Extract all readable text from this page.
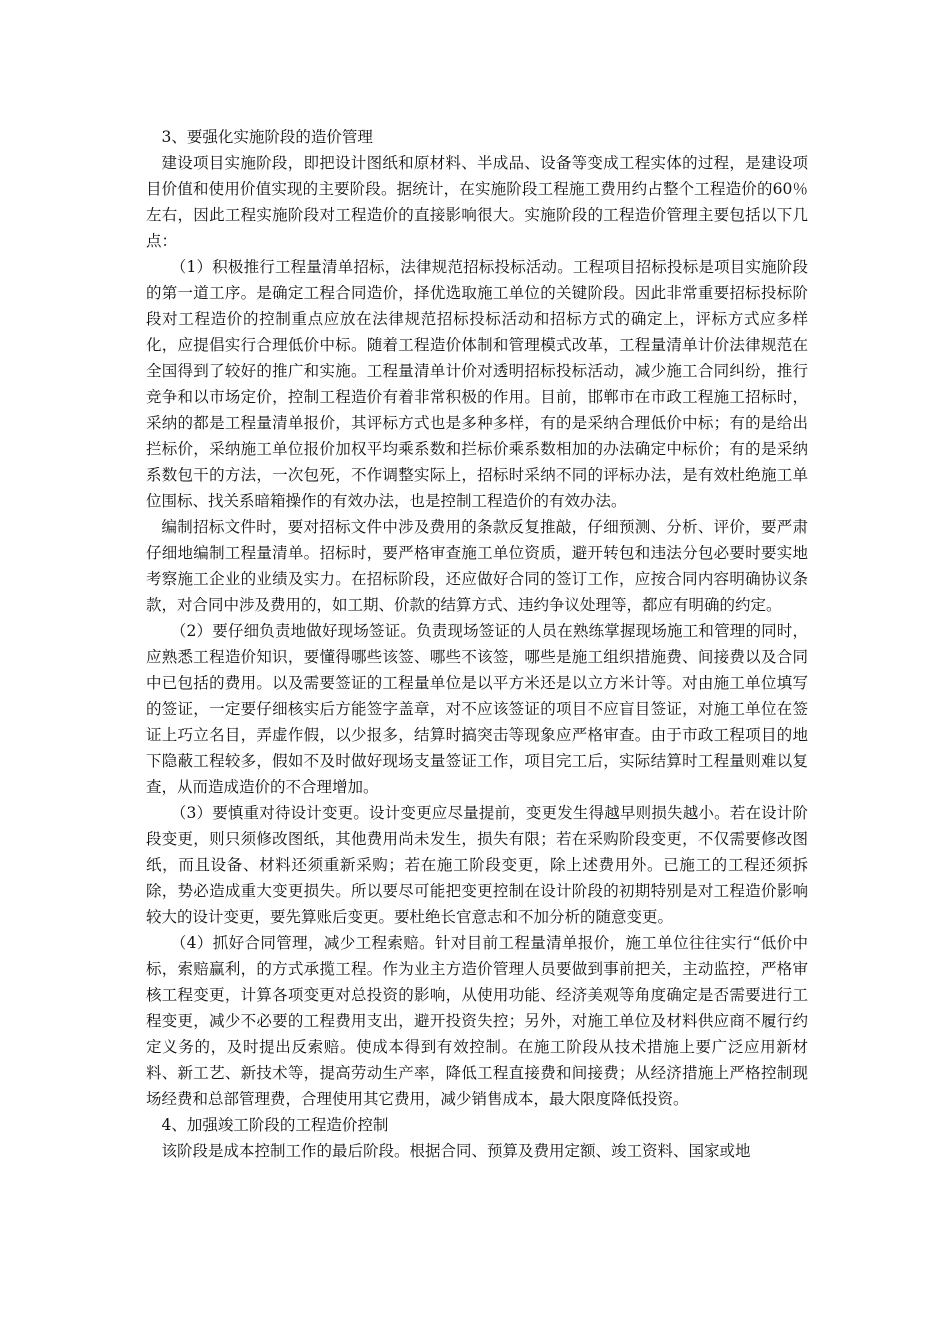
3、要强化实施阶段的造价管理

建设项目实施阶段，即把设计图纸和原材料、半成品、设备等变成工程实体的过程，是建设项目价值和使用价值实现的主要阶段。据统计，在实施阶段工程施工费用约占整个工程造价的60％左右，因此工程实施阶段对工程造价的直接影响很大。实施阶段的工程造价管理主要包括以下几点：

（1）积极推行工程量清单招标，法律规范招标投标活动。工程项目招标投标是项目实施阶段的第一道工序。是确定工程合同造价，择优选取施工单位的关键阶段。因此非常重要招标投标阶段对工程造价的控制重点应放在法律规范招标投标活动和招标方式的确定上，评标方式应多样化，应提倡实行合理低价中标。随着工程造价体制和管理模式改革，工程量清单计价法律规范在全国得到了较好的推广和实施。工程量清单计价对透明招标投标活动，减少施工合同纠纷，推行竞争和以市场定价，控制工程造价有着非常积极的作用。目前，邯郸市在市政工程施工招标时，采纳的都是工程量清单报价，其评标方式也是多种多样，有的是采纳合理低价中标；有的是给出拦标价，采纳施工单位报价加权平均乘系数和拦标价乘系数相加的办法确定中标价；有的是采纳系数包干的方法，一次包死，不作调整实际上，招标时采纳不同的评标办法，是有效杜绝施工单位围标、找关系暗箱操作的有效办法，也是控制工程造价的有效办法。

编制招标文件时，要对招标文件中涉及费用的条款反复推敲，仔细预测、分析、评价，要严肃仔细地编制工程量清单。招标时，要严格审查施工单位资质，避开转包和违法分包必要时要实地考察施工企业的业绩及实力。在招标阶段，还应做好合同的签订工作，应按合同内容明确协议条款，对合同中涉及费用的，如工期、价款的结算方式、违约争议处理等，都应有明确的约定。

（2）要仔细负责地做好现场签证。负责现场签证的人员在熟练掌握现场施工和管理的同时，应熟悉工程造价知识，要懂得哪些该签、哪些不该签，哪些是施工组织措施费、间接费以及合同中已包括的费用。以及需要签证的工程量单位是以平方米还是以立方米计等。对由施工单位填写的签证，一定要仔细核实后方能签字盖章，对不应该签证的项目不应盲目签证，对施工单位在签证上巧立名目，弄虚作假，以少报多，结算时搞突击等现象应严格审查。由于市政工程项目的地下隐蔽工程较多，假如不及时做好现场支量签证工作，项目完工后，实际结算时工程量则难以复查，从而造成造价的不合理增加。

（3）要慎重对待设计变更。设计变更应尽量提前，变更发生得越早则损失越小。若在设计阶段变更，则只须修改图纸，其他费用尚未发生，损失有限；若在采购阶段变更，不仅需要修改图纸，而且设备、材料还须重新采购；若在施工阶段变更，除上述费用外。已施工的工程还须拆除，势必造成重大变更损失。所以要尽可能把变更控制在设计阶段的初期特别是对工程造价影响较大的设计变更，要先算账后变更。要杜绝长官意志和不加分析的随意变更。

（4）抓好合同管理，减少工程索赔。针对目前工程量清单报价，施工单位往往实行“低价中标，索赔赢利，的方式承揽工程。作为业主方造价管理人员要做到事前把关，主动监控，严格审核工程变更，计算各项变更对总投资的影响，从使用功能、经济美观等角度确定是否需要进行工程变更，减少不必要的工程费用支出，避开投资失控；另外，对施工单位及材料供应商不履行约定义务的，及时提出反索赔。使成本得到有效控制。在施工阶段从技术措施上要广泛应用新材料、新工艺、新技术等，提高劳动生产率，降低工程直接费和间接费；从经济措施上严格控制现场经费和总部管理费，合理使用其它费用，减少销售成本，最大限度降低投资。

4、加强竣工阶段的工程造价控制

该阶段是成本控制工作的最后阶段。根据合同、预算及费用定额、竣工资料、国家或地
